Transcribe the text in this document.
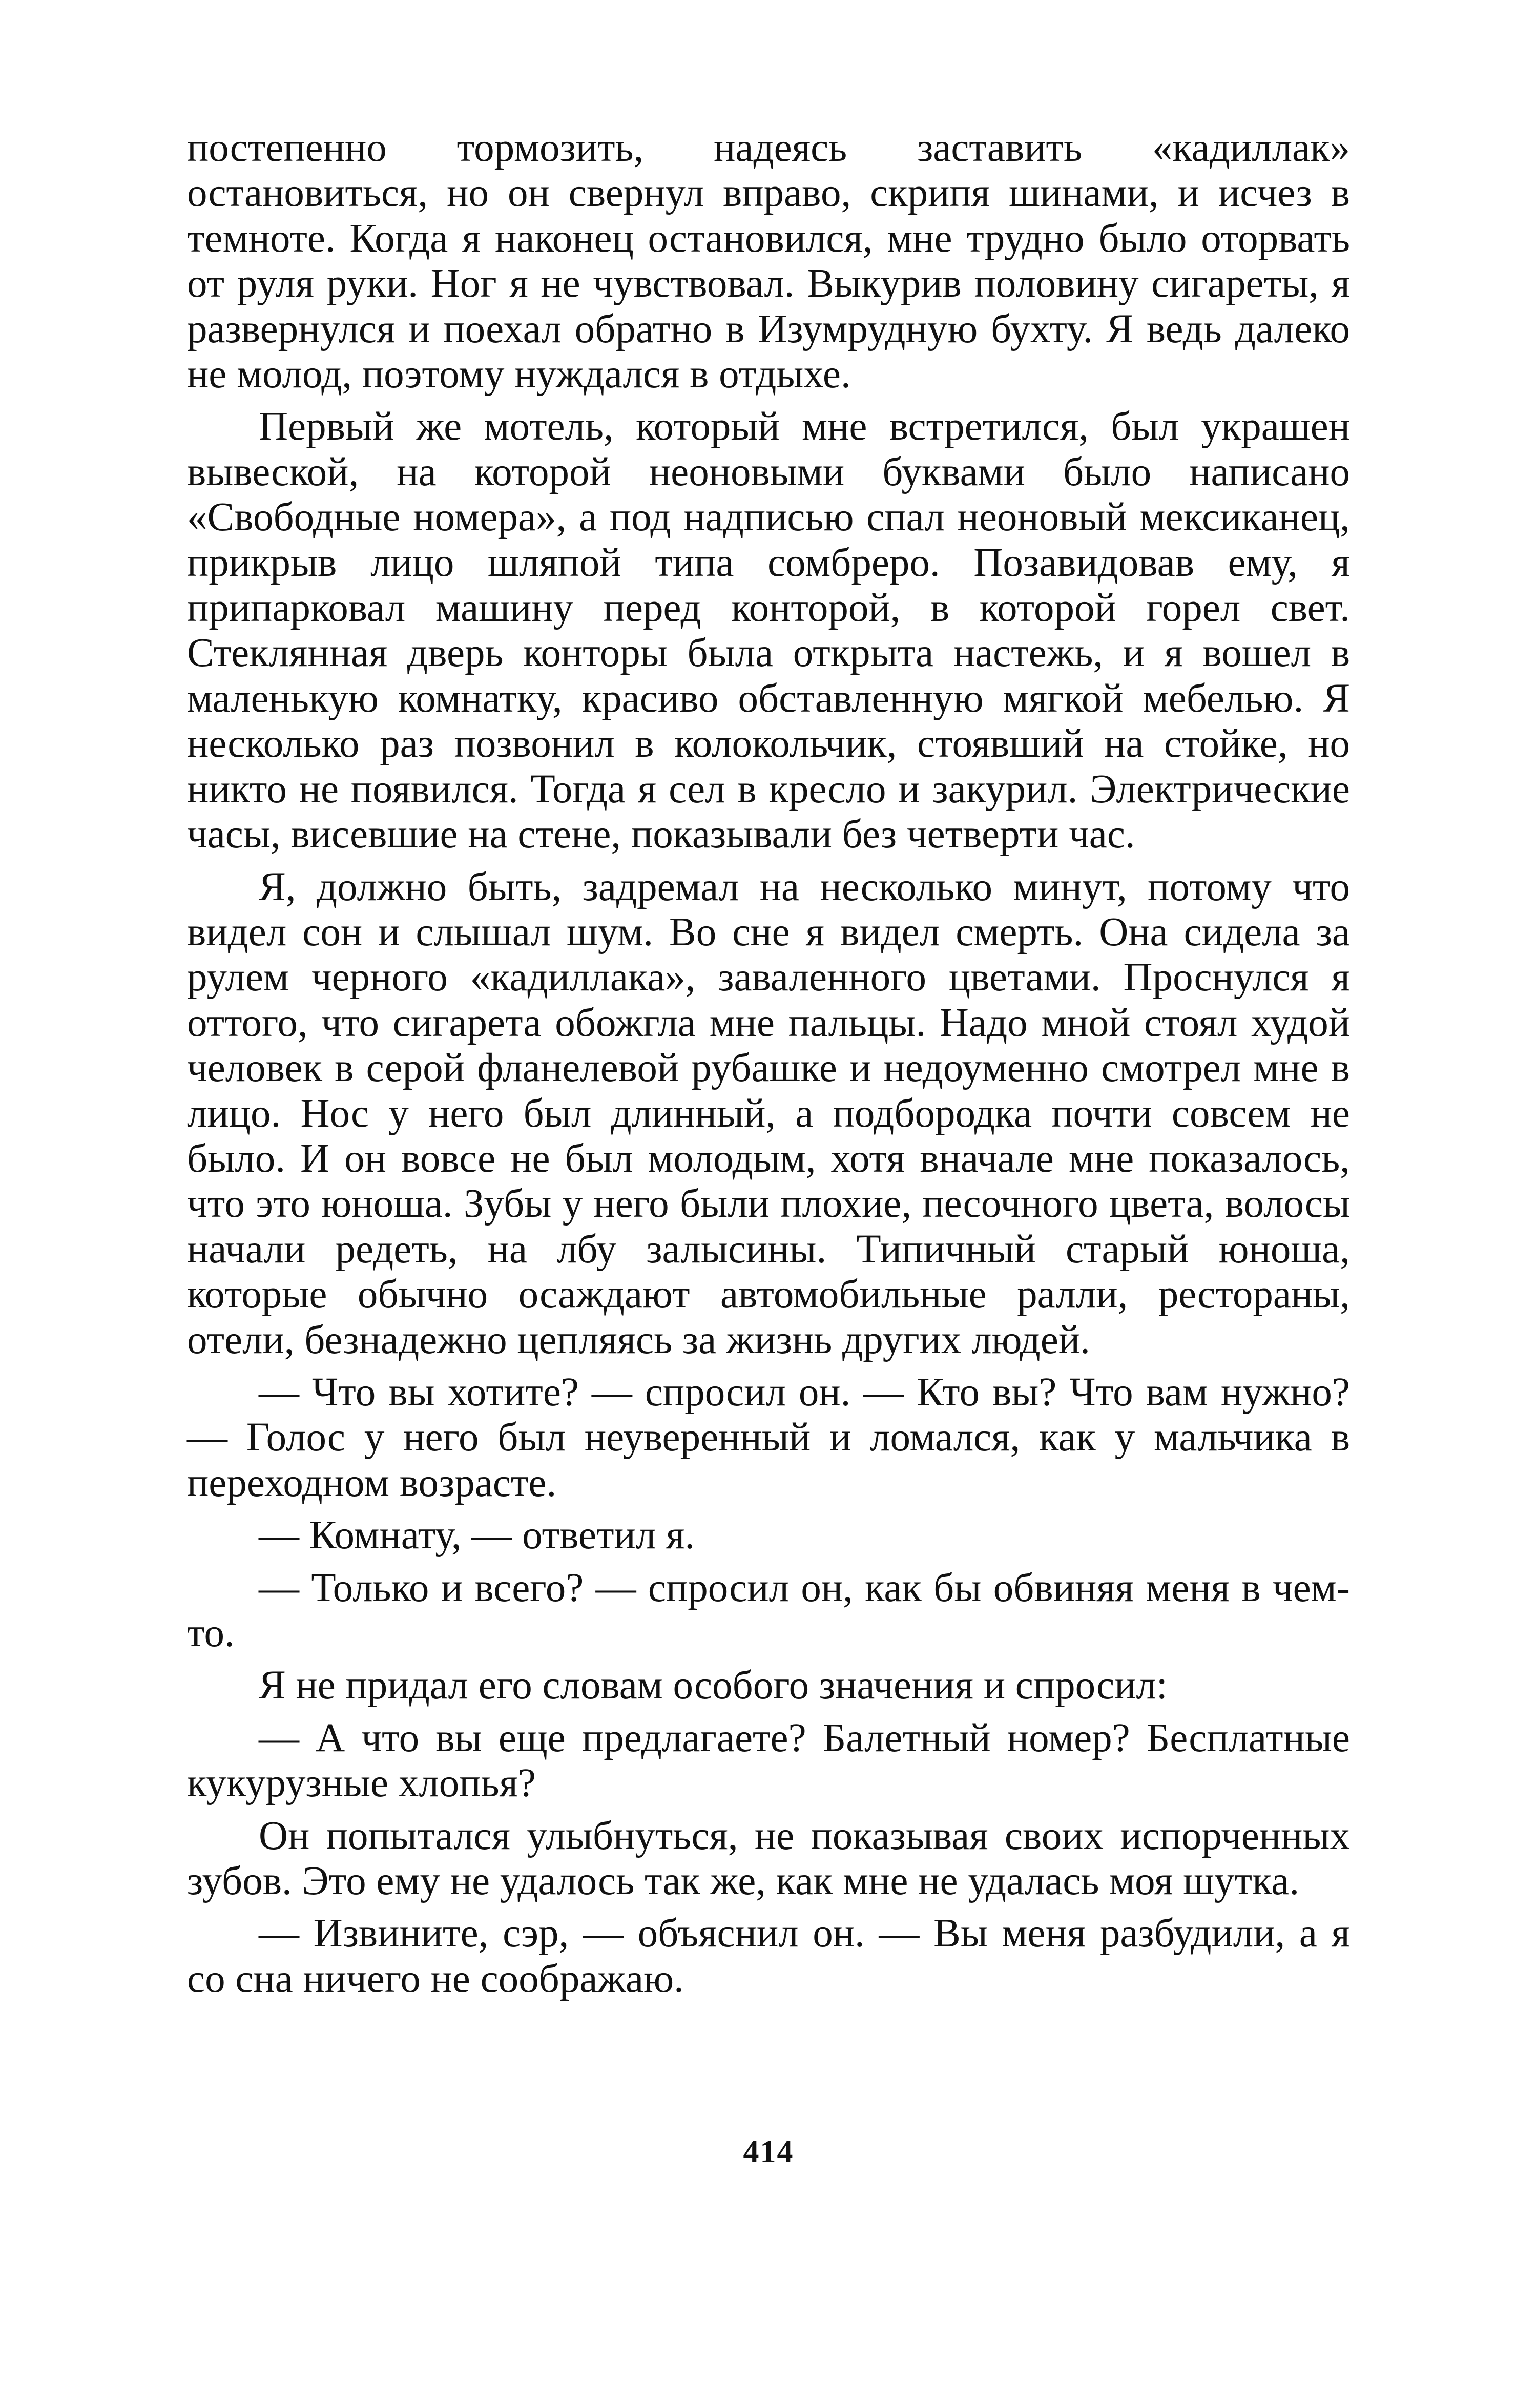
постепенно тормозить, надеясь заставить «кадиллак» остановиться, но он свернул вправо, скрипя шинами, и исчез в темноте. Когда я наконец остановился, мне трудно было оторвать от руля руки. Ног я не чувствовал. Выкурив половину сигареты, я развернулся и поехал обратно в Изумрудную бухту. Я ведь далеко не молод, поэтому нуждался в отдыхе.

Первый же мотель, который мне встретился, был украшен вывеской, на которой неоновыми буквами было написано «Свободные номера», а под надписью спал неоновый мексиканец, прикрыв лицо шляпой типа сомбреро. Позавидовав ему, я припарковал машину перед конторой, в которой горел свет. Стеклянная дверь конторы была открыта настежь, и я вошел в маленькую комнатку, красиво обставленную мягкой мебелью. Я несколько раз позвонил в колокольчик, стоявший на стойке, но никто не появился. Тогда я сел в кресло и закурил. Электрические часы, висевшие на стене, показывали без четверти час.

Я, должно быть, задремал на несколько минут, потому что видел сон и слышал шум. Во сне я видел смерть. Она сидела за рулем черного «кадиллака», заваленного цветами. Проснулся я оттого, что сигарета обожгла мне пальцы. Надо мной стоял худой человек в серой фланелевой рубашке и недоуменно смотрел мне в лицо. Нос у него был длинный, а подбородка почти совсем не было. И он вовсе не был молодым, хотя вначале мне показалось, что это юноша. Зубы у него были плохие, песочного цвета, волосы начали редеть, на лбу залысины. Типичный старый юноша, которые обычно осаждают автомобильные ралли, рестораны, отели, безнадежно цепляясь за жизнь других людей.

— Что вы хотите? — спросил он. — Кто вы? Что вам нужно? — Голос у него был неуверенный и ломался, как у мальчика в переходном возрасте.

— Комнату, — ответил я.

— Только и всего? — спросил он, как бы обвиняя меня в чем-то.

Я не придал его словам особого значения и спросил:

— А что вы еще предлагаете? Балетный номер? Бесплатные кукурузные хлопья?

Он попытался улыбнуться, не показывая своих испорченных зубов. Это ему не удалось так же, как мне не удалась моя шутка.

— Извините, сэр, — объяснил он. — Вы меня разбудили, а я со сна ничего не соображаю.

414
